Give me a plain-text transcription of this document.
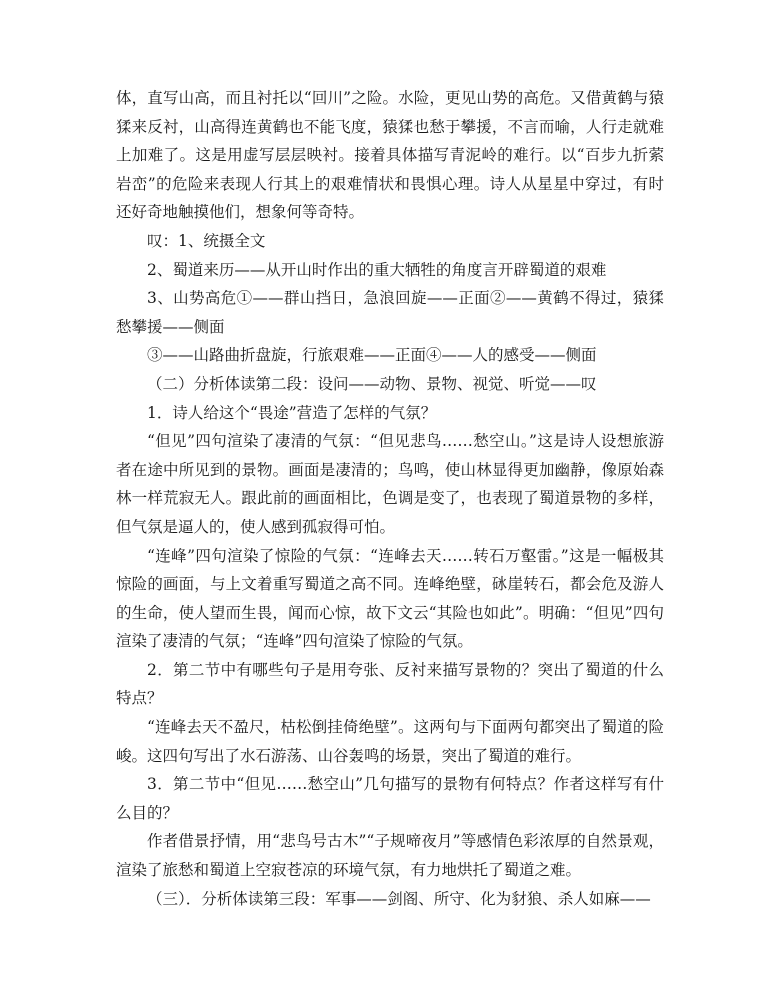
体，直写山高，而且衬托以“回川”之险。水险，更见山势的高危。又借黄鹤与猿猱来反衬，山高得连黄鹤也不能飞度，猿猱也愁于攀援，不言而喻，人行走就难上加难了。这是用虚写层层映衬。接着具体描写青泥岭的难行。以“百步九折萦岩峦”的危险来表现人行其上的艰难情状和畏惧心理。诗人从星星中穿过，有时还好奇地触摸他们，想象何等奇特。

叹：1、统摄全文

2、蜀道来历——从开山时作出的重大牺牲的角度言开辟蜀道的艰难

3、山势高危①——群山挡日，急浪回旋——正面②——黄鹤不得过，猿猱愁攀援——侧面

③——山路曲折盘旋，行旅艰难——正面④——人的感受——侧面

（二）分析体读第二段：设问——动物、景物、视觉、听觉——叹

1．诗人给这个“畏途”营造了怎样的气氛？

“但见”四句渲染了凄清的气氛：“但见悲鸟……愁空山。”这是诗人设想旅游者在途中所见到的景物。画面是凄清的；鸟鸣，使山林显得更加幽静，像原始森林一样荒寂无人。跟此前的画面相比，色调是变了，也表现了蜀道景物的多样，但气氛是逼人的，使人感到孤寂得可怕。

“连峰”四句渲染了惊险的气氛：“连峰去天……转石万壑雷。”这是一幅极其惊险的画面，与上文着重写蜀道之高不同。连峰绝壁，砯崖转石，都会危及游人的生命，使人望而生畏，闻而心惊，故下文云“其险也如此”。明确：“但见”四句渲染了凄清的气氛；“连峰”四句渲染了惊险的气氛。

2．第二节中有哪些句子是用夸张、反衬来描写景物的？突出了蜀道的什么特点？

“连峰去天不盈尺，枯松倒挂倚绝壁”。这两句与下面两句都突出了蜀道的险峻。这四句写出了水石游荡、山谷轰鸣的场景，突出了蜀道的难行。

3．第二节中“但见……愁空山”几句描写的景物有何特点？作者这样写有什么目的？

作者借景抒情，用“悲鸟号古木”“子规啼夜月”等感情色彩浓厚的自然景观，渲染了旅愁和蜀道上空寂苍凉的环境气氛，有力地烘托了蜀道之难。

（三）．分析体读第三段：军事——剑阁、所守、化为豺狼、杀人如麻——
